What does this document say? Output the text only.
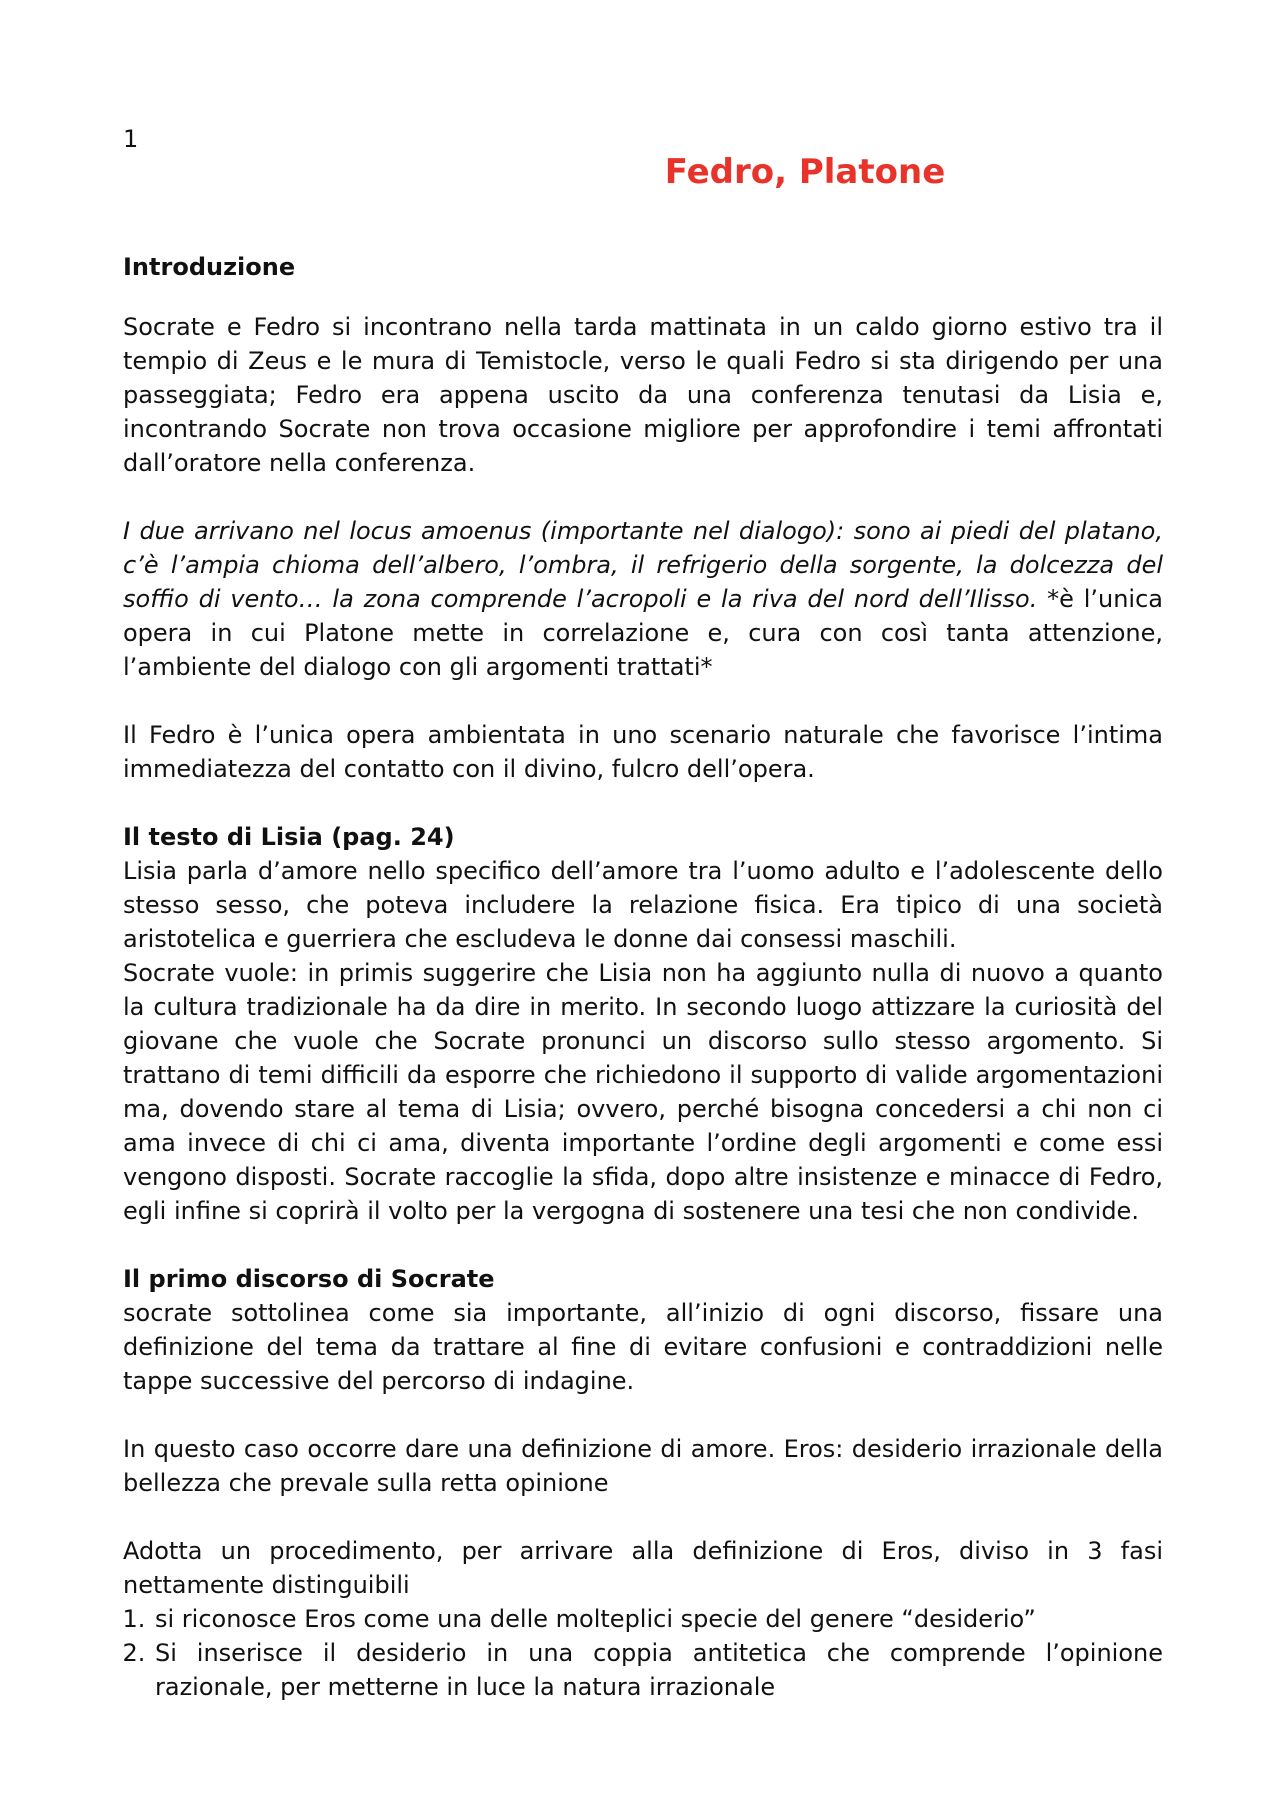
1

Fedro, Platone
Introduzione

Socrate e Fedro si incontrano nella tarda mattinata in un caldo giorno estivo tra il tempio di Zeus e le mura di Temistocle, verso le quali Fedro si sta dirigendo per una passeggiata; Fedro era appena uscito da una conferenza tenutasi da Lisia e, incontrando Socrate non trova occasione migliore per approfondire i temi affrontati dall’oratore nella conferenza.

I due arrivano nel locus amoenus (importante nel dialogo): sono ai piedi del platano, c’è l’ampia chioma dell’albero, l’ombra, il refrigerio della sorgente, la dolcezza del soffio di vento… la zona comprende l’acropoli e la riva del nord dell’Ilisso. *è l’unica opera in cui Platone mette in correlazione e, cura con così tanta attenzione, l’ambiente del dialogo con gli argomenti trattati*

Il Fedro è l’unica opera ambientata in uno scenario naturale che favorisce l’intima immediatezza del contatto con il divino, fulcro dell’opera.

Il testo di Lisia (pag. 24)

Lisia parla d’amore nello specifico dell’amore tra l’uomo adulto e l’adolescente dello stesso sesso, che poteva includere la relazione fisica. Era tipico di una società aristotelica e guerriera che escludeva le donne dai consessi maschili.

Socrate vuole: in primis suggerire che Lisia non ha aggiunto nulla di nuovo a quanto la cultura tradizionale ha da dire in merito. In secondo luogo attizzare la curiosità del giovane che vuole che Socrate pronunci un discorso sullo stesso argomento. Si trattano di temi difficili da esporre che richiedono il supporto di valide argomentazioni ma, dovendo stare al tema di Lisia; ovvero, perché bisogna concedersi a chi non ci ama invece di chi ci ama, diventa importante l’ordine degli argomenti e come essi vengono disposti. Socrate raccoglie la sfida, dopo altre insistenze e minacce di Fedro, egli infine si coprirà il volto per la vergogna di sostenere una tesi che non condivide.

Il primo discorso di Socrate

socrate sottolinea come sia importante, all’inizio di ogni discorso, fissare una definizione del tema da trattare al fine di evitare confusioni e contraddizioni nelle tappe successive del percorso di indagine.

In questo caso occorre dare una definizione di amore. Eros: desiderio irrazionale della bellezza che prevale sulla retta opinione

Adotta un procedimento, per arrivare alla definizione di Eros, diviso in 3 fasi nettamente distinguibili

1. si riconosce Eros come una delle molteplici specie del genere “desiderio”
2. Si inserisce il desiderio in una coppia antitetica che comprende l’opinione razionale, per metterne in luce la natura irrazionale
